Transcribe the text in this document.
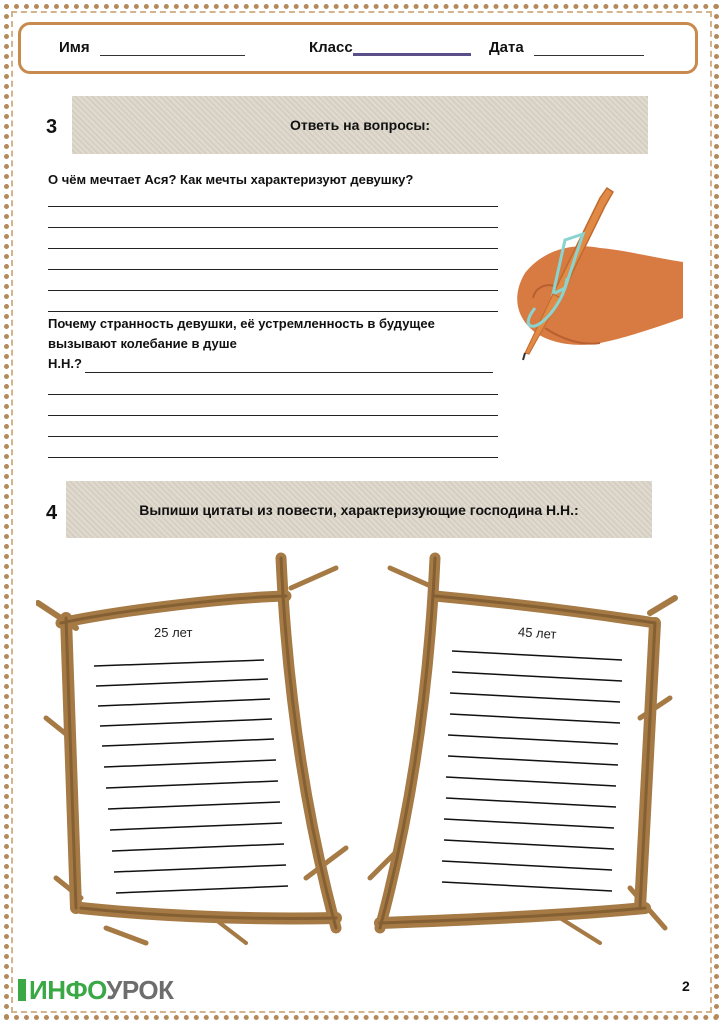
Имя	Класс	Дата
3	Ответь на вопросы:
О чём мечтает Ася? Как мечты характеризуют девушку?
Почему странность девушки, её устремленность в будущее
вызывают колебание в душе
Н.Н.?
4	Выпиши цитаты из повести, характеризующие господина Н.Н.:
25 лет	45 лет
ИНФОУРОК	2
